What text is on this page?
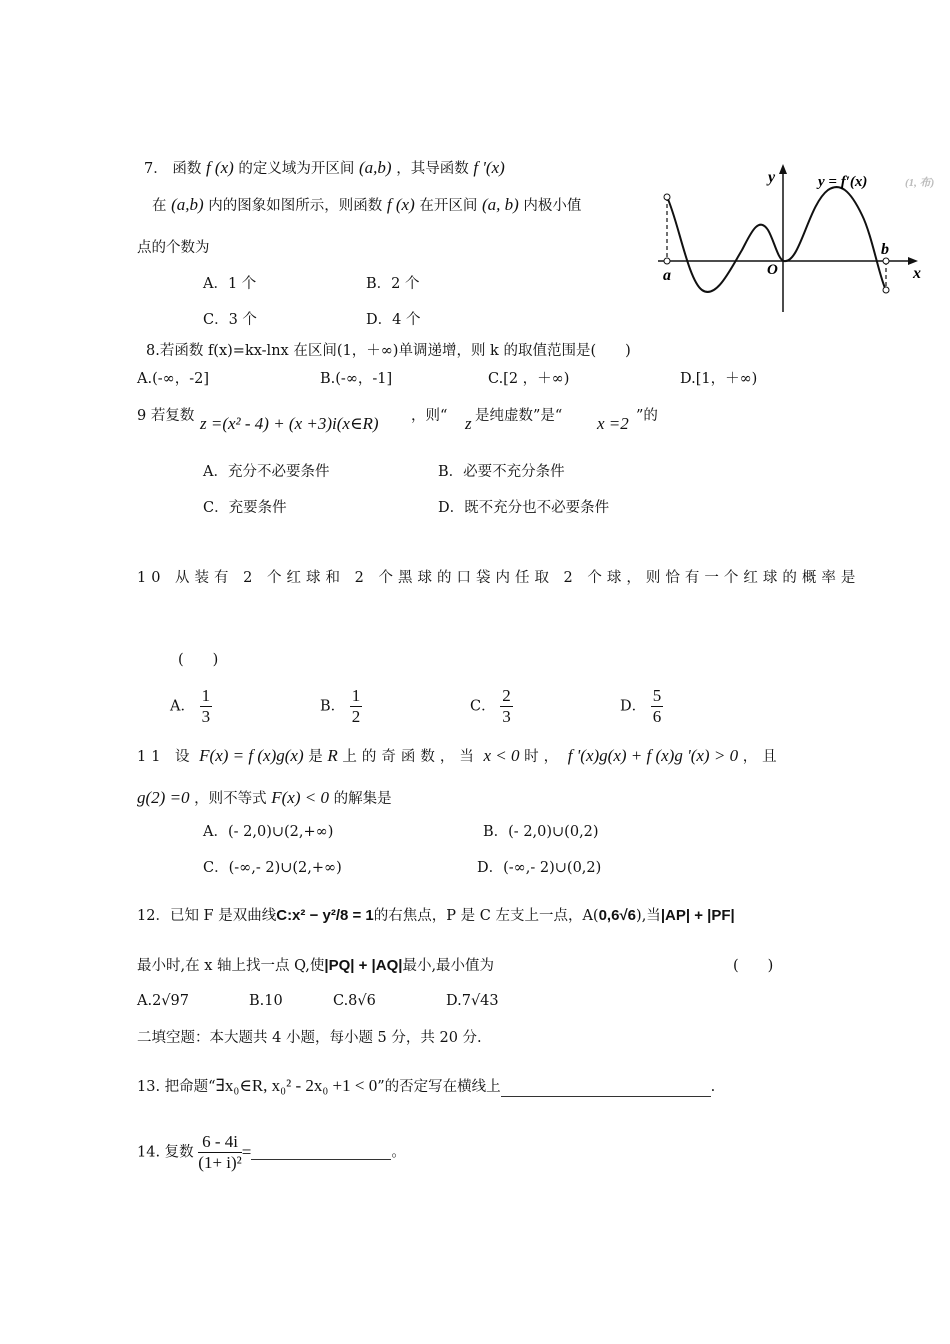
7． 函数 f (x) 的定义域为开区间 (a,b) ，其导函数 f '(x)
在 (a,b) 内的图象如图所示，则函数 f (x) 在开区间 (a, b) 内极小值
点的个数为
A．1 个	B．2 个
C．3 个	D．4 个
(1, 布)
y	y = f′(x)
x
a	O
b
8.若函数 f(x)=kx-lnx 在区间(1，＋∞)单调递增，则 k 的取值范围是(　　)
A.(-∞，-2]	B.(-∞，-1]	C.[2 ，＋∞)	D.[1，＋∞)
9 若复数 z =(x² - 4) + (x +3)i(x∈R) ，则“ z 是纯虚数”是“ x =2 ”的
A．充分不必要条件	B．必要不充分条件
C．充要条件	D．既不充分也不必要条件
10 从装有 2 个红球和 2 个黑球的口袋内任取 2 个球，则恰有一个红球的概率是
(　　)
A． $\frac{1}{3}$	B． $\frac{1}{2}$	C． $\frac{2}{3}$	D． $\frac{5}{6}$
11 设 F(x) = f (x)g(x) 是 R 上的奇函数，当 x < 0 时， f '(x)g(x) + f (x)g '(x) > 0 ，且
g(2) =0 ，则不等式 F(x) < 0 的解集是
A．(- 2,0)∪(2,+∞)	B．(- 2,0)∪(0,2)
C．(-∞,- 2)∪(2,+∞)	D．(-∞,- 2)∪(0,2)
12．已知 F 是双曲线C:x² − y²/8 = 1的右焦点，P 是 C 左支上一点，A(0,6√6),当|AP| + |PF|
最小时,在 x 轴上找一点 Q,使|PQ| + |AQ|最小,最小值为	(　　)
A.2√97	B.10	C.8√6	D.7√43
二填空题：本大题共 4 小题，每小题 5 分，共 20 分.
13. 把命题“∃x₀∈R, x₀² - 2x₀ +1 < 0”的否定写在横线上	.
14. 复数 $\frac{6 - 4i}{\text{(1+ i)²}}$ =	。
